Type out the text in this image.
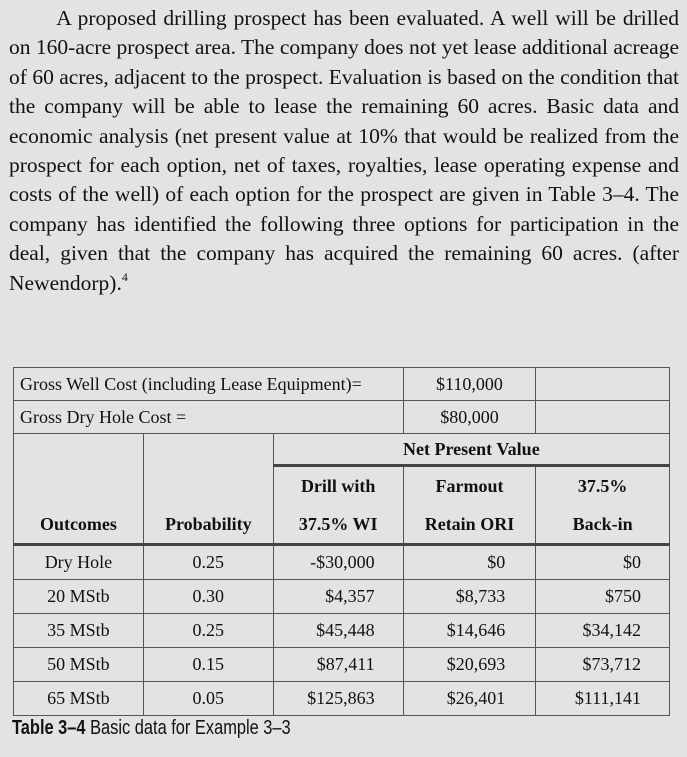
A proposed drilling prospect has been evaluated. A well will be drilled on 160-acre prospect area. The company does not yet lease additional acreage of 60 acres, adjacent to the prospect. Evaluation is based on the condition that the company will be able to lease the remaining 60 acres. Basic data and economic analysis (net present value at 10% that would be realized from the prospect for each option, net of taxes, royalties, lease operating expense and costs of the well) of each option for the prospect are given in Table 3–4. The company has identified the following three options for participation in the deal, given that the company has acquired the remaining 60 acres. (after Newendorp).$^4$

Gross Well Cost (including Lease Equipment)=			$110,000	
Gross Dry Hole Cost =			$80,000	
		Net Present Value		
		Drill with	Farmout	37.5%
Outcomes	Probability	37.5% WI	Retain ORI	Back-in
Dry Hole	0.25	-$30,000	$0	$0
20 MStb	0.30	$4,357	$8,733	$750
35 MStb	0.25	$45,448	$14,646	$34,142
50 MStb	0.15	$87,411	$20,693	$73,712
65 MStb	0.05	$125,863	$26,401	$111,141
Table 3–4 Basic data for Example 3–3
